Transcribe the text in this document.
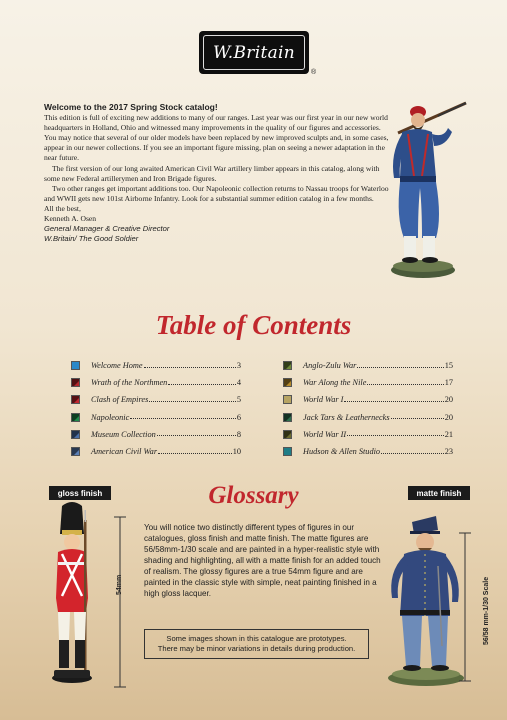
W.Britain
®
Welcome to the 2017 Spring Stock catalog!

This edition is full of exciting new additions to many of our ranges. Last year was our first year in our new world headquarters in Holland, Ohio and witnessed many improvements in the quality of our figures and accessories. You may notice that several of our older models have been replaced by new improved sculpts and, in some cases, appear in our newer collections. If you see an important figure missing, plan on seeing a newer adaptation in the near future.

The first version of our long awaited American Civil War artillery limber appears in this catalog, along with some new Federal artillerymen and Iron Brigade figures.

Two other ranges get important additions too. Our Napoleonic collection returns to Nassau troops for Waterloo and WWII gets new 101st Airborne Infantry. Look for a substantial summer edition catalog in a few months.

All the best,

Kenneth A. Osen

General Manager & Creative Director

W.Britain/ The Good Soldier

Table of Contents
Welcome Home	3
Wrath of the Northmen	4
Clash of Empires	5
Napoleonic	6
Museum Collection	8
American Civil War	10
Anglo-Zulu War	15
War Along the Nile	17
World War I	20
Jack Tars & Leathernecks	20
World War II	21
Hudson & Allen Studio	23
gloss finish	matte finish
Glossary
54mm
You will notice two distinctly different types of figures in our catalogues, gloss finish and matte finish. The matte figures are 56/58mm-1/30 scale and are painted in a hyper-realistic style with shading and highlighting, all with a matte finish for an added touch of realism. The glossy figures are a true 54mm figure and are painted in the classic style with simple, neat painting finished in a high gloss lacquer.
Some images shown in this catalogue are prototypes.
There may be minor variations in details during production.
56/58 mm-1/30 Scale
